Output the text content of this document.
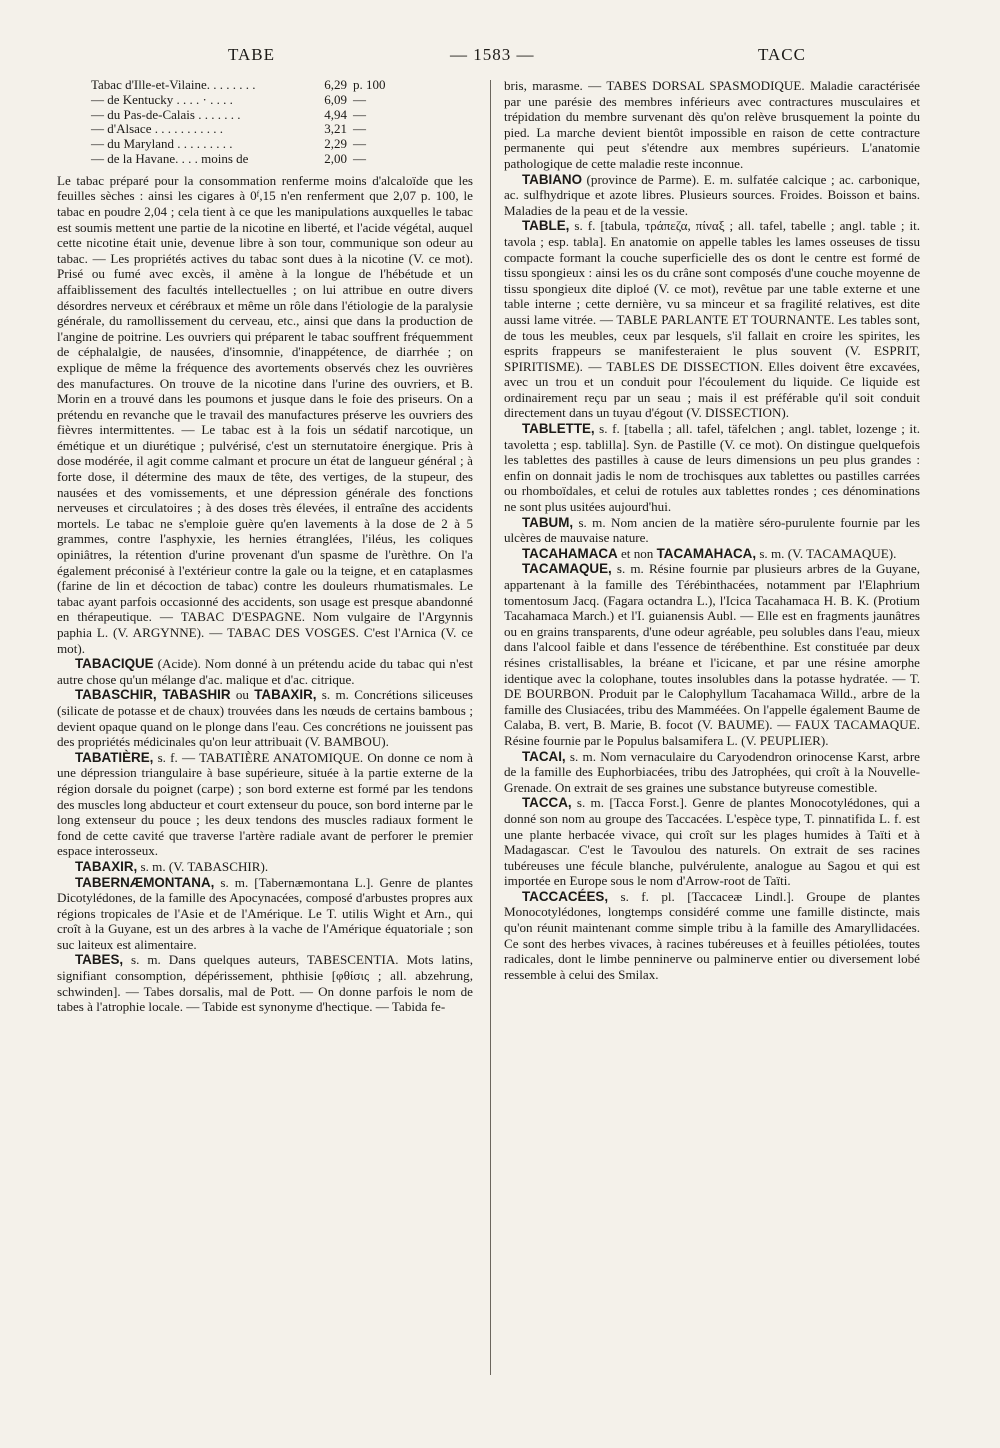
TABE	— 1583 —	TACC
Tabac d'Ille-et-Vilaine. . . . . . . .	6,29	p. 100
— de Kentucky . . . . · . . . .	6,09	—
— du Pas-de-Calais . . . . . . .	4,94	—
— d'Alsace . . . . . . . . . . .	3,21	—
— du Maryland . . . . . . . . .	2,29	—
— de la Havane. . . . moins de	2,00	—

Le tabac préparé pour la consommation renferme moins d'alcaloïde que les feuilles sèches : ainsi les cigares à 0ᶠ,15 n'en renferment que 2,07 p. 100, le tabac en poudre 2,04 ; cela tient à ce que les manipulations auxquelles le tabac est soumis mettent une partie de la nicotine en liberté, et l'acide végétal, auquel cette nicotine était unie, devenue libre à son tour, communique son odeur au tabac. — Les propriétés actives du tabac sont dues à la nicotine (V. ce mot). Prisé ou fumé avec excès, il amène à la longue de l'hébétude et un affaiblissement des facultés intellectuelles ; on lui attribue en outre divers désordres nerveux et cérébraux et même un rôle dans l'étiologie de la paralysie générale, du ramollissement du cerveau, etc., ainsi que dans la production de l'angine de poitrine. Les ouvriers qui préparent le tabac souffrent fréquemment de céphalalgie, de nausées, d'insomnie, d'inappétence, de diarrhée ; on explique de même la fréquence des avortements observés chez les ouvrières des manufactures. On trouve de la nicotine dans l'urine des ouvriers, et B. Morin en a trouvé dans les poumons et jusque dans le foie des priseurs. On a prétendu en revanche que le travail des manufactures préserve les ouvriers des fièvres intermittentes. — Le tabac est à la fois un sédatif narcotique, un émétique et un diurétique ; pulvérisé, c'est un sternutatoire énergique. Pris à dose modérée, il agit comme calmant et procure un état de langueur général ; à forte dose, il détermine des maux de tête, des vertiges, de la stupeur, des nausées et des vomissements, et une dépression générale des fonctions nerveuses et circulatoires ; à des doses très élevées, il entraîne des accidents mortels. Le tabac ne s'emploie guère qu'en lavements à la dose de 2 à 5 grammes, contre l'asphyxie, les hernies étranglées, l'iléus, les coliques opiniâtres, la rétention d'urine provenant d'un spasme de l'urèthre. On l'a également préconisé à l'extérieur contre la gale ou la teigne, et en cataplasmes (farine de lin et décoction de tabac) contre les douleurs rhumatismales. Le tabac ayant parfois occasionné des accidents, son usage est presque abandonné en thérapeutique. — TABAC D'ESPAGNE. Nom vulgaire de l'Argynnis paphia L. (V. ARGYNNE). — TABAC DES VOSGES. C'est l'Arnica (V. ce mot).

TABACIQUE (Acide). Nom donné à un prétendu acide du tabac qui n'est autre chose qu'un mélange d'ac. malique et d'ac. citrique.

TABASCHIR, TABASHIR ou TABAXIR, s. m. Concrétions siliceuses (silicate de potasse et de chaux) trouvées dans les nœuds de certains bambous ; devient opaque quand on le plonge dans l'eau. Ces concrétions ne jouissent pas des propriétés médicinales qu'on leur attribuait (V. BAMBOU).

TABATIÈRE, s. f. — TABATIÈRE ANATOMIQUE. On donne ce nom à une dépression triangulaire à base supérieure, située à la partie externe de la région dorsale du poignet (carpe) ; son bord externe est formé par les tendons des muscles long abducteur et court extenseur du pouce, son bord interne par le long extenseur du pouce ; les deux tendons des muscles radiaux forment le fond de cette cavité que traverse l'artère radiale avant de perforer le premier espace interosseux.

TABAXIR, s. m. (V. TABASCHIR).

TABERNÆMONTANA, s. m. [Tabernæmontana L.]. Genre de plantes Dicotylédones, de la famille des Apocynacées, composé d'arbustes propres aux régions tropicales de l'Asie et de l'Amérique. Le T. utilis Wight et Arn., qui croît à la Guyane, est un des arbres à la vache de l'Amérique équatoriale ; son suc laiteux est alimentaire.

TABES, s. m. Dans quelques auteurs, TABESCENTIA. Mots latins, signifiant consomption, dépérissement, phthisie [φθίσις ; all. abzehrung, schwinden]. — Tabes dorsalis, mal de Pott. — On donne parfois le nom de tabes à l'atrophie locale. — Tabide est synonyme d'hectique. — Tabida fe-

bris, marasme. — TABES DORSAL SPASMODIQUE. Maladie caractérisée par une parésie des membres inférieurs avec contractures musculaires et trépidation du membre survenant dès qu'on relève brusquement la pointe du pied. La marche devient bientôt impossible en raison de cette contracture permanente qui peut s'étendre aux membres supérieurs. L'anatomie pathologique de cette maladie reste inconnue.

TABIANO (province de Parme). E. m. sulfatée calcique ; ac. carbonique, ac. sulfhydrique et azote libres. Plusieurs sources. Froides. Boisson et bains. Maladies de la peau et de la vessie.

TABLE, s. f. [tabula, τράπεζα, πίναξ ; all. tafel, tabelle ; angl. table ; it. tavola ; esp. tabla]. En anatomie on appelle tables les lames osseuses de tissu compacte formant la couche superficielle des os dont le centre est formé de tissu spongieux : ainsi les os du crâne sont composés d'une couche moyenne de tissu spongieux dite diploé (V. ce mot), revêtue par une table externe et une table interne ; cette dernière, vu sa minceur et sa fragilité relatives, est dite aussi lame vitrée. — TABLE PARLANTE ET TOURNANTE. Les tables sont, de tous les meubles, ceux par lesquels, s'il fallait en croire les spirites, les esprits frappeurs se manifesteraient le plus souvent (V. ESPRIT, SPIRITISME). — TABLES DE DISSECTION. Elles doivent être excavées, avec un trou et un conduit pour l'écoulement du liquide. Ce liquide est ordinairement reçu par un seau ; mais il est préférable qu'il soit conduit directement dans un tuyau d'égout (V. DISSECTION).

TABLETTE, s. f. [tabella ; all. tafel, täfelchen ; angl. tablet, lozenge ; it. tavoletta ; esp. tablilla]. Syn. de Pastille (V. ce mot). On distingue quelquefois les tablettes des pastilles à cause de leurs dimensions un peu plus grandes : enfin on donnait jadis le nom de trochisques aux tablettes ou pastilles carrées ou rhomboïdales, et celui de rotules aux tablettes rondes ; ces dénominations ne sont plus usitées aujourd'hui.

TABUM, s. m. Nom ancien de la matière séro-purulente fournie par les ulcères de mauvaise nature.

TACAHAMACA et non TACAMAHACA, s. m. (V. TACAMAQUE).

TACAMAQUE, s. m. Résine fournie par plusieurs arbres de la Guyane, appartenant à la famille des Térébinthacées, notamment par l'Elaphrium tomentosum Jacq. (Fagara octandra L.), l'Icica Tacahamaca H. B. K. (Protium Tacahamaca March.) et l'I. guianensis Aubl. — Elle est en fragments jaunâtres ou en grains transparents, d'une odeur agréable, peu solubles dans l'eau, mieux dans l'alcool faible et dans l'essence de térébenthine. Est constituée par deux résines cristallisables, la bréane et l'icicane, et par une résine amorphe identique avec la colophane, toutes insolubles dans la potasse hydratée. — T. DE BOURBON. Produit par le Calophyllum Tacahamaca Willd., arbre de la famille des Clusiacées, tribu des Mamméées. On l'appelle également Baume de Calaba, B. vert, B. Marie, B. focot (V. BAUME). — FAUX TACAMAQUE. Résine fournie par le Populus balsamifera L. (V. PEUPLIER).

TACAI, s. m. Nom vernaculaire du Caryodendron orinocense Karst, arbre de la famille des Euphorbiacées, tribu des Jatrophées, qui croît à la Nouvelle-Grenade. On extrait de ses graines une substance butyreuse comestible.

TACCA, s. m. [Tacca Forst.]. Genre de plantes Monocotylédones, qui a donné son nom au groupe des Taccacées. L'espèce type, T. pinnatifida L. f. est une plante herbacée vivace, qui croît sur les plages humides à Taïti et à Madagascar. C'est le Tavoulou des naturels. On extrait de ses racines tubéreuses une fécule blanche, pulvérulente, analogue au Sagou et qui est importée en Europe sous le nom d'Arrow-root de Taïti.

TACCACÉES, s. f. pl. [Taccaceæ Lindl.]. Groupe de plantes Monocotylédones, longtemps considéré comme une famille distincte, mais qu'on réunit maintenant comme simple tribu à la famille des Amaryllidacées. Ce sont des herbes vivaces, à racines tubéreuses et à feuilles pétiolées, toutes radicales, dont le limbe penninerve ou palminerve entier ou diversement lobé ressemble à celui des Smilax.
